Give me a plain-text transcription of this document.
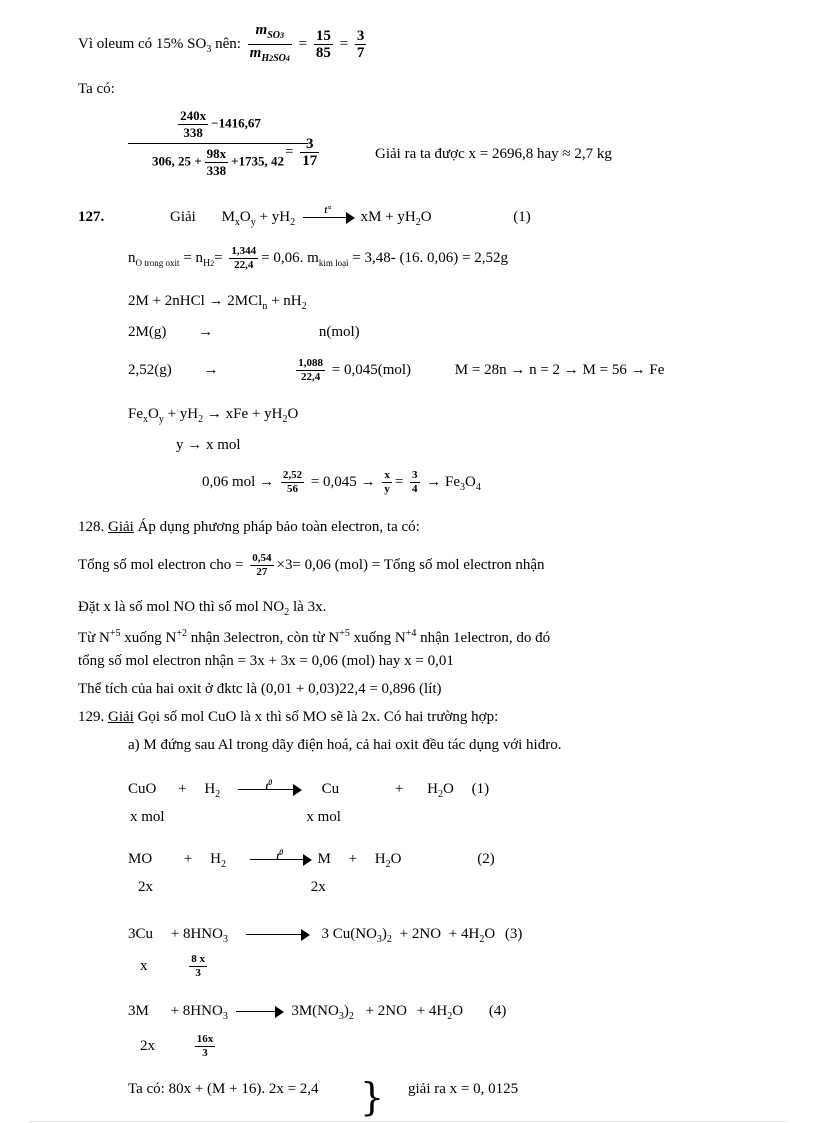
Vì oleum có 15% $SO_3$ nên: $\frac{m_{SO3}}{m_{H2SO4}} = \frac{15}{85} = \frac{3}{7}$
Ta có:
$\frac{\frac{240x}{338} -1416,67}{306, 25 + \frac{98x}{338} +1735, 42}$
= $\frac{3}{17}$	Giải ra ta được x = 2696,8 hay ≈ 2,7 kg
127.	Giải $M_xO_y + yH_2$
t°	xM + $yH_2O$	(1)
$n_{O trong oxit} = n_{H2}= \frac{1,344}{22,4} = 0,06$. $m_{kim loại} = 3,48-$ (16. 0,06) = 2,52g
2M + 2nHCl → $2MCl_n + nH_2$
2M(g) →	n(mol)
2,52(g) →	$\frac{1,088}{22,4} = 0,045(mol)$	M = 28n → n = 2 → M = 56 → Fe
$Fe_xO_y + yH_2$ → xFe + $yH_2O$
y → x mol
0,06 mol → $\frac{2,52}{56} = 0,045 \to \frac{x}{y} = \frac{3}{4} \to Fe_3O_4$
128. Giải Áp dụng phương pháp bảo toàn electron, ta có:
Tổng số mol electron cho = $\frac{0,54}{27} \times 3= 0,06$ (mol) = Tổng số mol electron nhận
Đặt x là số mol NO thì số mol $NO_2$ là 3x.
Từ $N^{+5}$ xuống $N^{+2}$ nhận 3electron, còn từ $N^{+5}$ xuống $N^{+4}$ nhận 1electron, do đó
tổng số mol electron nhận = 3x + 3x = 0,06 (mol) hay x = 0,01
Thể tích của hai oxit ở đktc là (0,01 + 0,03)22,4 = 0,896 (lít)
129. Giải Gọi số mol CuO là x thì số MO sẽ là 2x. Có hai trường hợp:
a) M đứng sau Al trong dãy điện hoá, cả hai oxit đều tác dụng với hiđro.
CuO + $H_2$
$t^0$	Cu	+ $H_2O$ (1)
x mol	x mol
MO + $H_2$
$t^0$	$M + H_2O$	(2)
2x	2x
$3Cu + 8HNO_3$	3 $Cu(NO_3)_2 + 2NO + 4H_2O$ (3)
x	$\frac{8 x}{3}$
$3M + 8HNO_3$	$3M(NO_3)_2 + 2NO + 4H_2O$ (4)
2x	$\frac{16x}{3}$
Ta có: 80x + (M + 16). 2x = 2,4 } giải ra x = 0, 0125
